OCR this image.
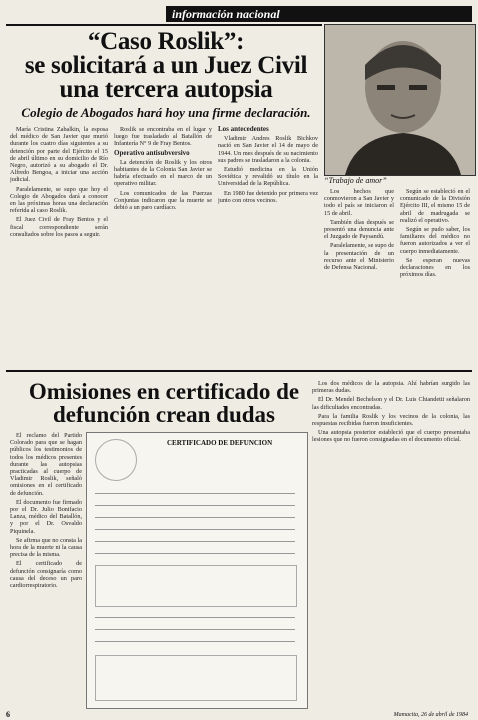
información nacional
“Caso Roslik”:
se solicitará a un Juez Civil
una tercera autopsia
Colegio de Abogados hará hoy una firme declaración.
“Trabajo de amor”

María Cristina Zabalkin, la esposa del médico de San Javier que murió durante los cuatro días siguientes a su detención por parte del Ejército el 15 de abril último en su domicilio de Río Negro, autorizó a su abogado el Dr. Alfredo Bengoa, a iniciar una acción judicial.

Paralelamente, se supo que hoy el Colegio de Abogados dará a conocer en las próximas horas una declaración referida al caso Roslik.

El Juez Civil de Fray Bentos y el fiscal correspondiente serán consultados sobre los pasos a seguir.

Roslik se encontraba en el lugar y luego fue trasladado al Batallón de Infantería N° 9 de Fray Bentos.

Operativo antisubversivo

La detención de Roslik y los otros habitantes de la Colonia San Javier se habría efectuado en el marco de un operativo militar.

Los comunicados de las Fuerzas Conjuntas indicaron que la muerte se debió a un paro cardíaco.

Los antecedentes

Vladimir Andres Roslik Bichkov nació en San Javier el 14 de mayo de 1944. Un mes después de su nacimiento sus padres se trasladaron a la colonia.

Estudió medicina en la Unión Soviética y revalidó su título en la Universidad de la República.

En 1980 fue detenido por primera vez junto con otros vecinos.

Los hechos que conmovieron a San Javier y todo el país se iniciaron el 15 de abril.

También días después se presentó una denuncia ante el Juzgado de Paysandú.

Paralelamente, se supo de la presentación de un recurso ante el Ministerio de Defensa Nacional.

Según se estableció en el comunicado de la División Ejército III, el mismo 15 de abril de madrugada se realizó el operativo.

Según se pudo saber, los familiares del médico no fueron autorizados a ver el cuerpo inmediatamente.

Se esperan nuevas declaraciones en los próximos días.

Omisiones en certificado de
defunción crean dudas

El reclamo del Partido Colorado para que se hagan públicos los testimonios de todos los médicos presentes durante las autopsias practicadas al cuerpo de Vladimir Roslik, señaló omisiones en el certificado de defunción.

El documento fue firmado por el Dr. Julio Bonifacio Lanza, médico del Batallón, y por el Dr. Osvaldo Piquinela.

Se afirma que no consta la hora de la muerte ni la causa precisa de la misma.

El certificado de defunción consignaría como causa del deceso un paro cardiorrespiratorio.

CERTIFICADO DE DEFUNCION

Los dos médicos de la autopsia. Ahí habrían surgido las primeras dudas.

El Dr. Mendel Bechelson y el Dr. Luis Chiandetti señalaron las dificultades encontradas.

Para la familia Roslik y los vecinos de la colonia, las respuestas recibidas fueron insuficientes.

Una autopsia posterior estableció que el cuerpo presentaba lesiones que no fueron consignadas en el documento oficial.

6	Mamacita, 26 de abril de 1984
